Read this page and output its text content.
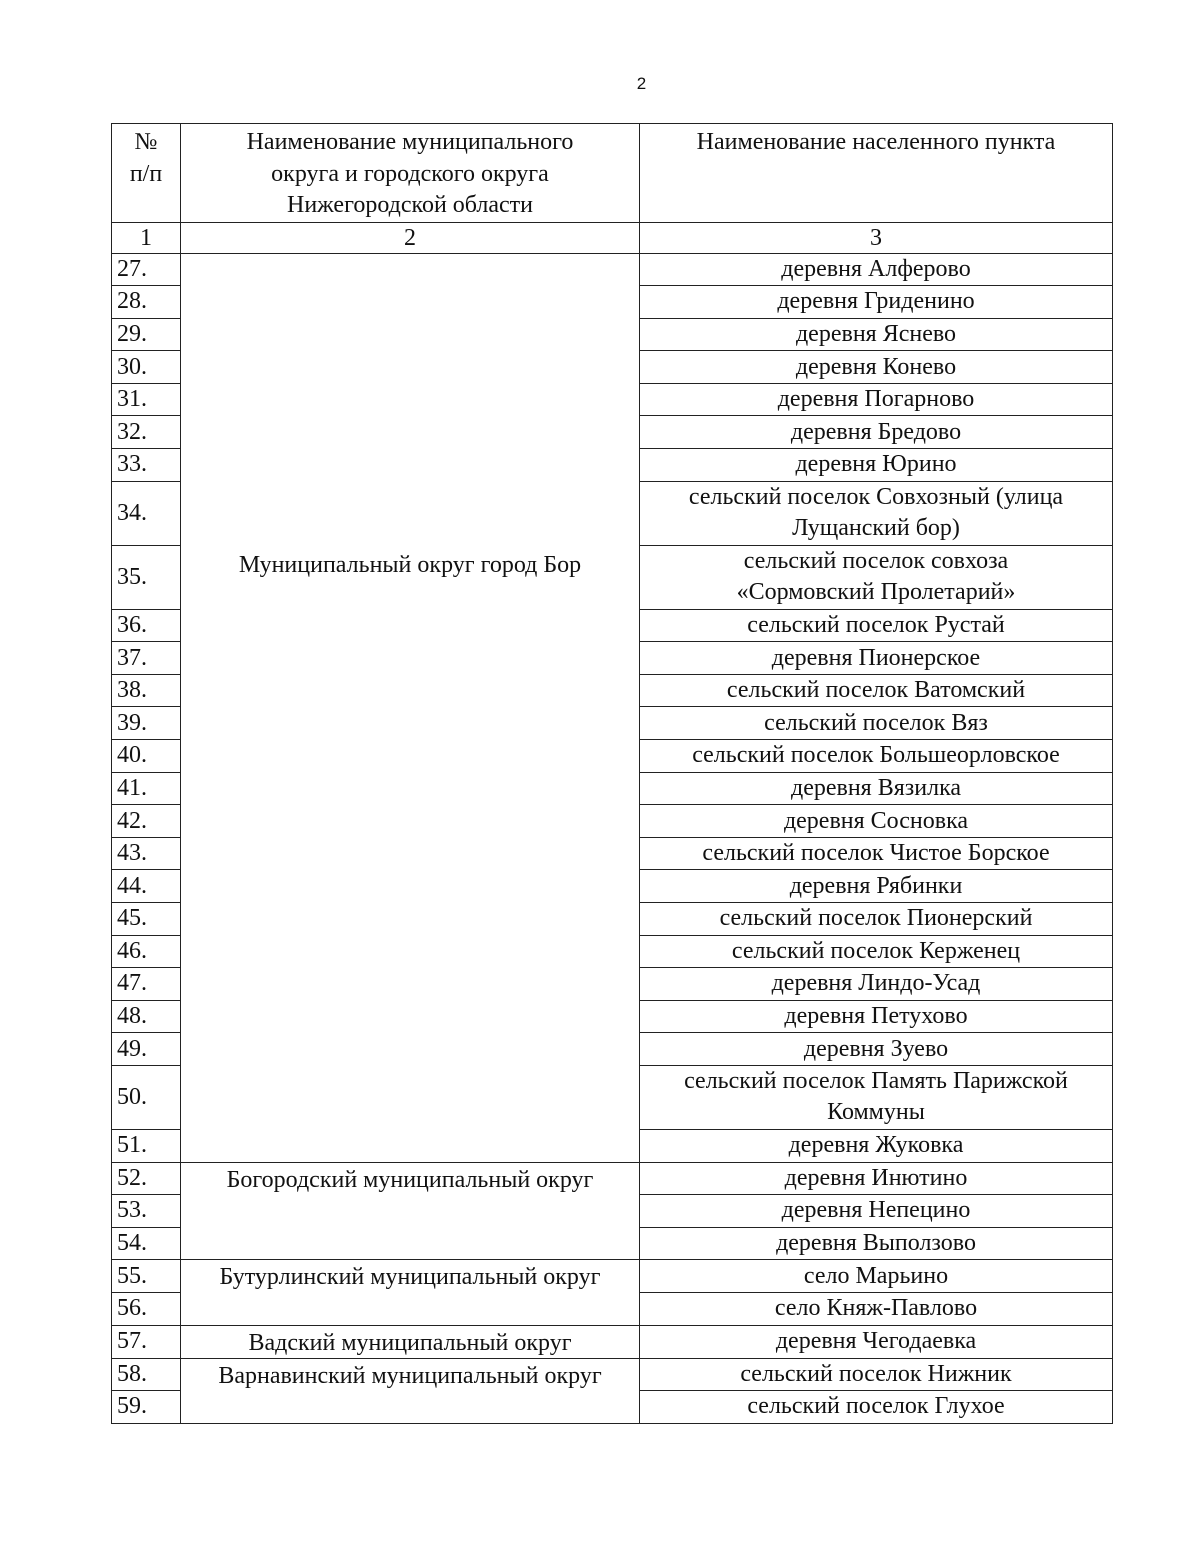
2
№ п/п	Наименование муниципального округа и городского округа Нижегородской области	Наименование населенного пункта
1	2	3
27.	Муниципальный округ город Бор	деревня Алферово
28.		деревня Гриденино
29.		деревня Яснево
30.		деревня Конево
31.		деревня Погарново
32.		деревня Бредово
33.		деревня Юрино
34.		сельский поселок Совхозный (улица Лущанский бор)
35.		сельский поселок совхоза «Сормовский Пролетарий»
36.		сельский поселок Рустай
37.		деревня Пионерское
38.		сельский поселок Ватомский
39.		сельский поселок Вяз
40.		сельский поселок Большеорловское
41.		деревня Вязилка
42.		деревня Сосновка
43.		сельский поселок Чистое Борское
44.		деревня Рябинки
45.		сельский поселок Пионерский
46.		сельский поселок Керженец
47.		деревня Линдо-Усад
48.		деревня Петухово
49.		деревня Зуево
50.		сельский поселок Память Парижской Коммуны
51.		деревня Жуковка
52.	Богородский муниципальный округ	деревня Инютино
53.		деревня Непецино
54.		деревня Выползово
55.	Бутурлинский муниципальный округ	село Марьино
56.		село Княж-Павлово
57.	Вадский муниципальный округ	деревня Чегодаевка
58.	Варнавинский муниципальный округ	сельский поселок Нижник
59.		сельский поселок Глухое
